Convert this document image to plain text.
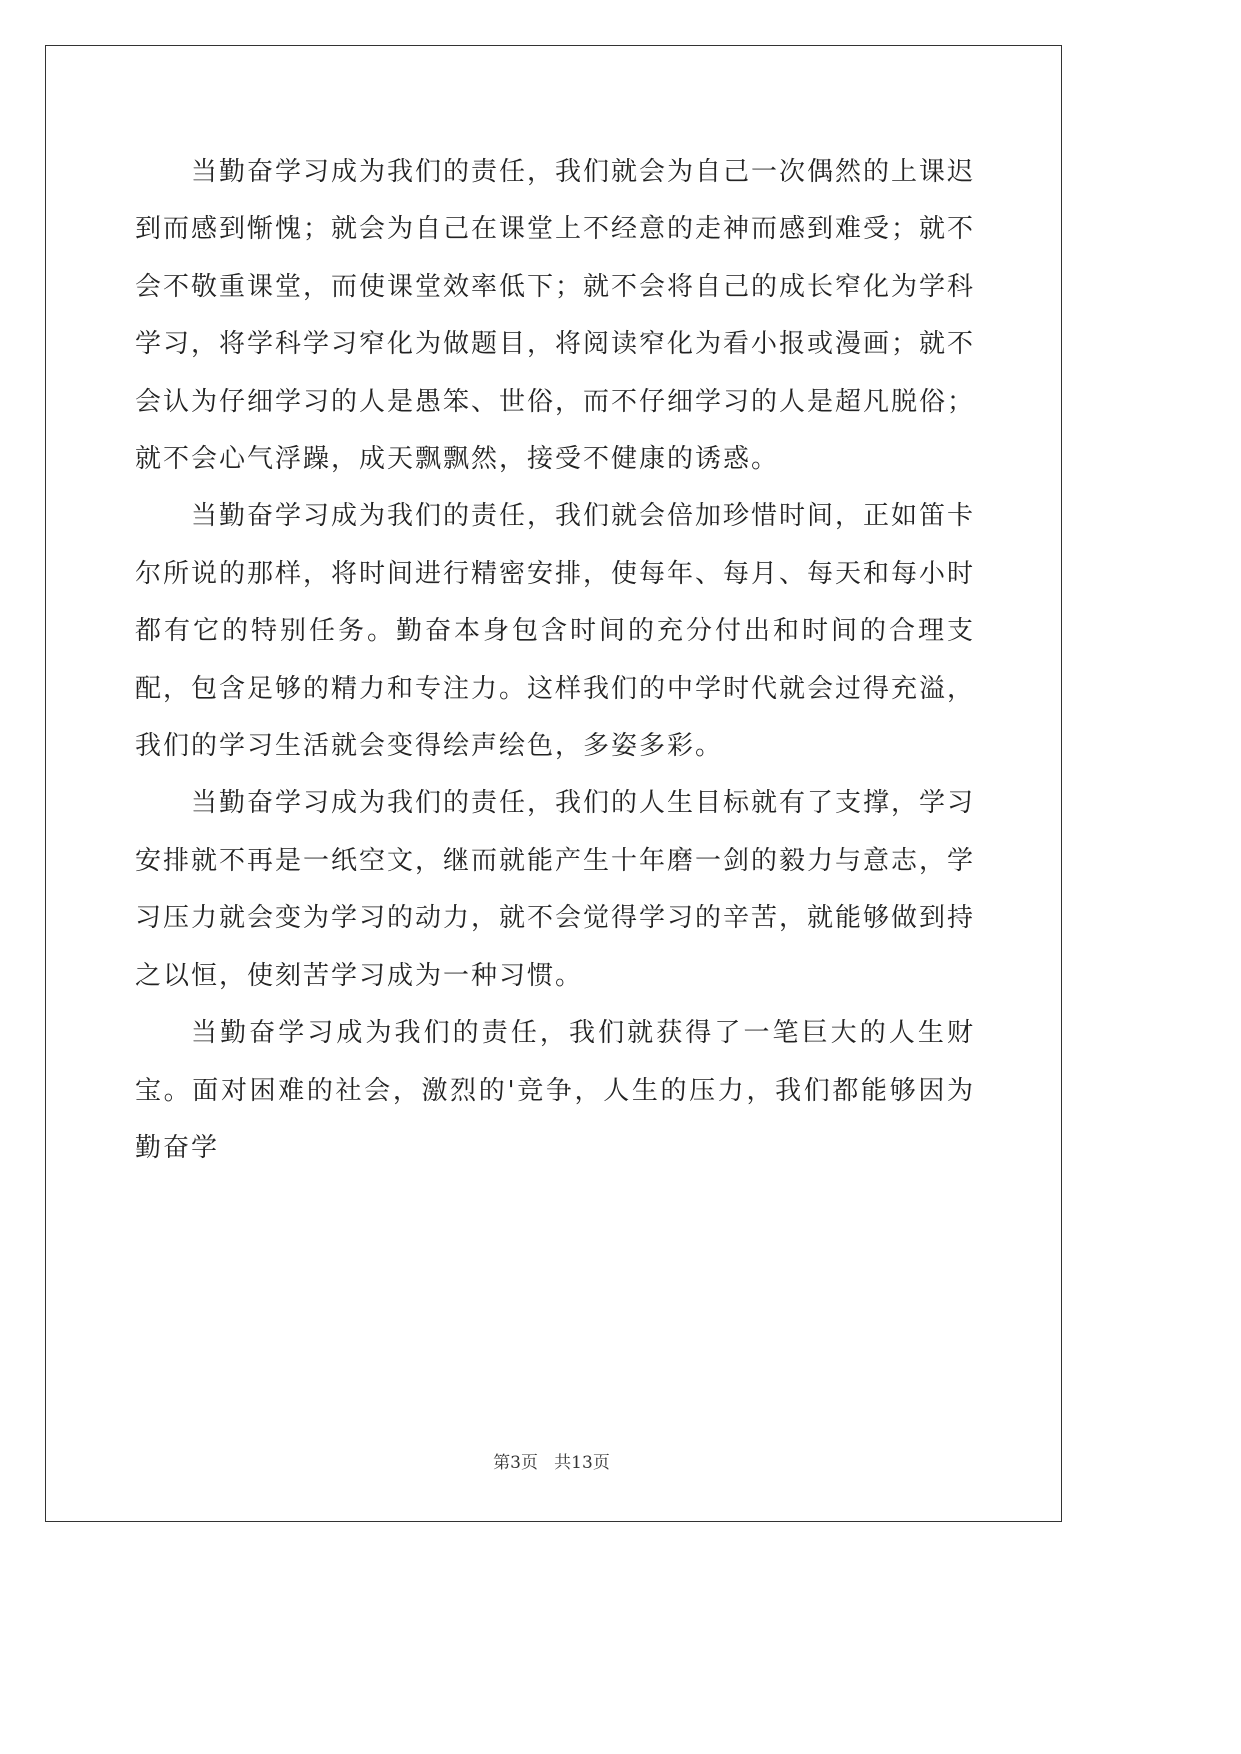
当勤奋学习成为我们的责任，我们就会为自己一次偶然的上课迟到而感到惭愧；就会为自己在课堂上不经意的走神而感到难受；就不会不敬重课堂，而使课堂效率低下；就不会将自己的成长窄化为学科学习，将学科学习窄化为做题目，将阅读窄化为看小报或漫画；就不会认为仔细学习的人是愚笨、世俗，而不仔细学习的人是超凡脱俗；就不会心气浮躁，成天飘飘然，接受不健康的诱惑。

当勤奋学习成为我们的责任，我们就会倍加珍惜时间，正如笛卡尔所说的那样，将时间进行精密安排，使每年、每月、每天和每小时都有它的特别任务。勤奋本身包含时间的充分付出和时间的合理支配，包含足够的精力和专注力。这样我们的中学时代就会过得充溢，我们的学习生活就会变得绘声绘色，多姿多彩。

当勤奋学习成为我们的责任，我们的人生目标就有了支撑，学习安排就不再是一纸空文，继而就能产生十年磨一剑的毅力与意志，学习压力就会变为学习的动力，就不会觉得学习的辛苦，就能够做到持之以恒，使刻苦学习成为一种习惯。

当勤奋学习成为我们的责任，我们就获得了一笔巨大的人生财宝。面对困难的社会，激烈的'竞争，人生的压力，我们都能够因为勤奋学

第3页   共13页
